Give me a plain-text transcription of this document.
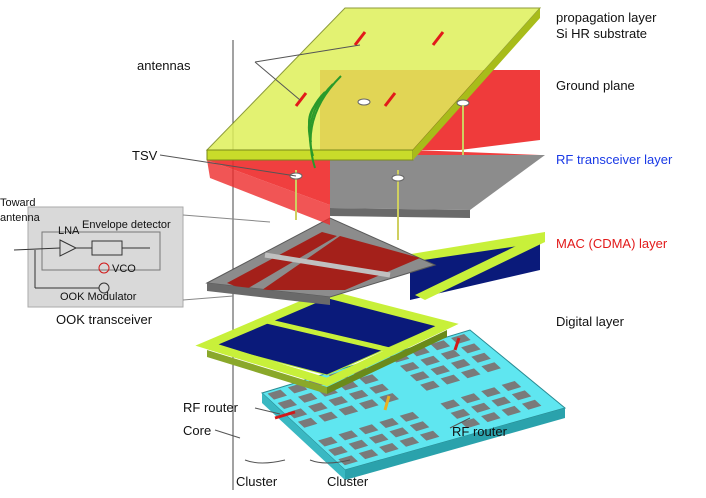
propagation layer
Si HR substrate
antennas
Ground plane
TSV	RF transceiver layer
MAC (CDMA) layer
Digital layer
RF router
Core	RF router
Cluster	Cluster
Toward antenna
Envelope detector
LNA
VCO
OOK Modulator
OOK transceiver
